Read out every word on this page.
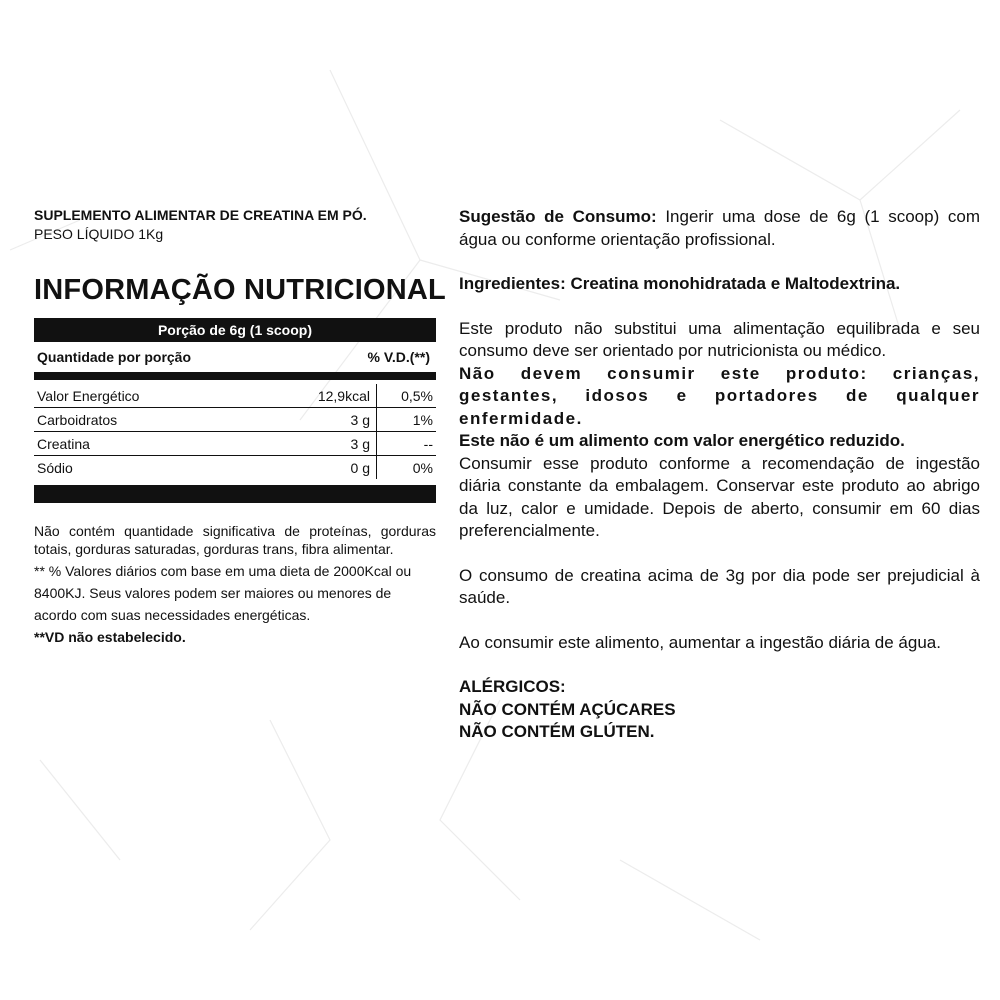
SUPLEMENTO ALIMENTAR DE CREATINA EM PÓ.

PESO LÍQUIDO 1Kg

INFORMAÇÃO NUTRICIONAL
Porção de 6g (1 scoop)
Quantidade por porção	% V.D.(**)
Valor Energético	12,9kcal	0,5%
Carboidratos	3 g	1%
Creatina	3 g	--
Sódio	0 g	0%

Não contém quantidade significativa de proteínas, gorduras totais, gorduras saturadas, gorduras trans, fibra alimentar.

** % Valores diários com base em uma dieta de 2000Kcal ou 8400KJ. Seus valores podem ser maiores ou menores de acordo com suas necessidades energéticas.

**VD não estabelecido.

Sugestão de Consumo: Ingerir uma dose de 6g (1 scoop) com água ou conforme orientação profissional.

Ingredientes: Creatina monohidratada e Maltodextrina.

Este produto não substitui uma alimentação equilibrada e seu consumo deve ser orientado por nutricionista ou médico.

Não devem consumir este produto: crianças, gestantes, idosos e portadores de qualquer enfermidade.

Este não é um alimento com valor energético reduzido.

Consumir esse produto conforme a recomendação de ingestão diária constante da embalagem. Conservar este produto ao abrigo da luz, calor e umidade. Depois de aberto, consumir em 60 dias preferencialmente.

O consumo de creatina acima de 3g por dia pode ser prejudicial à saúde.

Ao consumir este alimento, aumentar a ingestão diária de água.

ALÉRGICOS:

NÃO CONTÉM AÇÚCARES

NÃO CONTÉM GLÚTEN.
